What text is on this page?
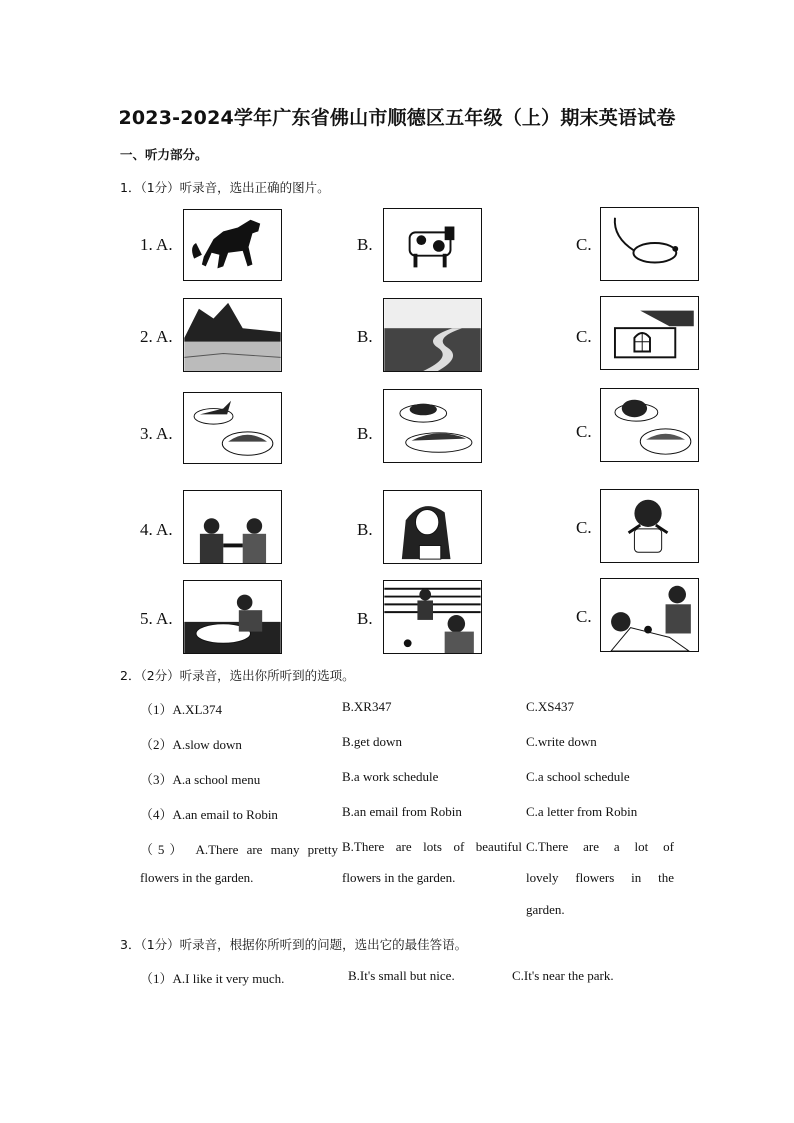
2023-2024学年广东省佛山市顺德区五年级（上）期末英语试卷
一、听力部分。
1．（1分）听录音，选出正确的图片。
1. A.	B.	C.
2. A.	B.	C.
3. A.	B.	C.
4. A.	B.	C.
5. A.	B.	C.
2．（2分）听录音，选出你所听到的选项。
（1）A.XL374	B.XR347	C.XS437
（2）A.slow down	B.get down	C.write down
（3）A.a school menu	B.a work schedule	C.a school schedule
（4）A.an email to Robin	B.an email from Robin	C.a letter from Robin
（5） A.There are many pretty
flowers in the garden.
B.There are lots of beautiful
flowers in the garden.
C.There are a lot of
lovely flowers in the
garden.
3．（1分）听录音，根据你所听到的问题，选出它的最佳答语。
（1）A.I like it very much.	B.It's small but nice.	C.It's near the park.
